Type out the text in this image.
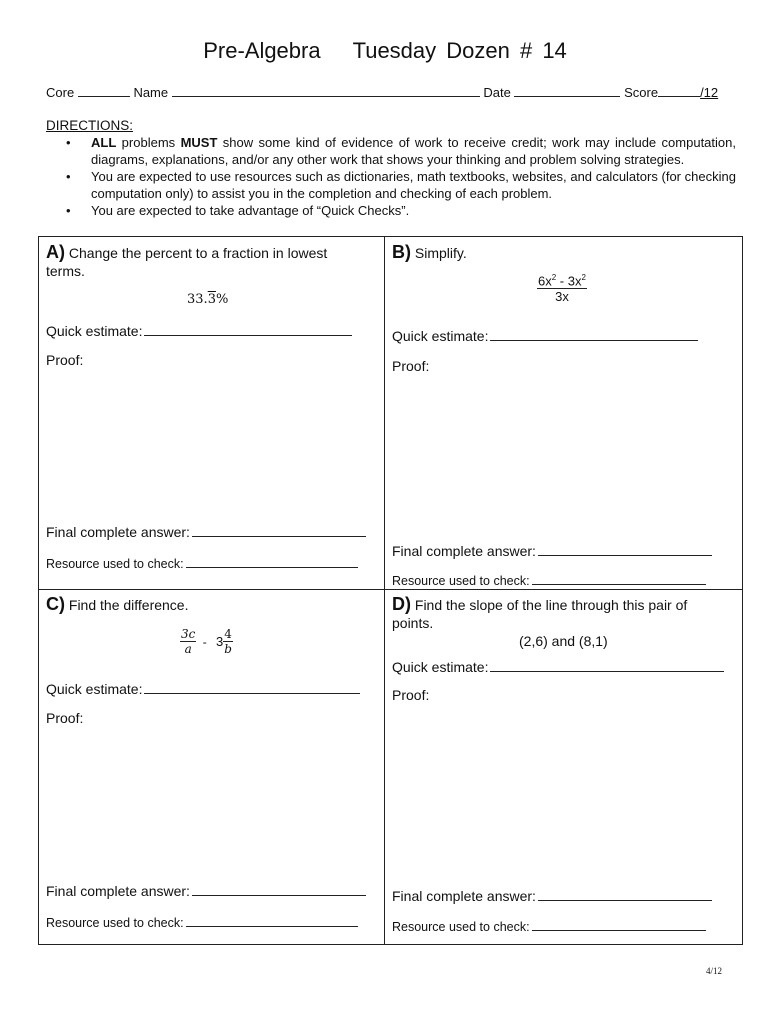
Pre-Algebra Tuesday Dozen # 14
Core	Name	Date	Score	/12
DIRECTIONS:
• ALL problems MUST show some kind of evidence of work to receive credit; work may include computation, diagrams, explanations, and/or any other work that shows your thinking and problem solving strategies.
• You are expected to use resources such as dictionaries, math textbooks, websites, and calculators (for checking computation only) to assist you in the completion and checking of each problem.
• You are expected to take advantage of “Quick Checks”.
A) Change the percent to a fraction in lowest terms.
33.3%
Quick estimate:
Proof:
Final complete answer:
Resource used to check:
B) Simplify.
$\frac{6x^2 - 3x^2}{3x}$
Quick estimate:
Proof:
Final complete answer:
Resource used to check:
C) Find the difference.
$\frac{3c}{a} - 3 \frac{4}{b}$
Quick estimate:
Proof:
Final complete answer:
Resource used to check:
D) Find the slope of the line through this pair of points.
(2,6) and (8,1)
Quick estimate:
Proof:
Final complete answer:
Resource used to check:
4/12
